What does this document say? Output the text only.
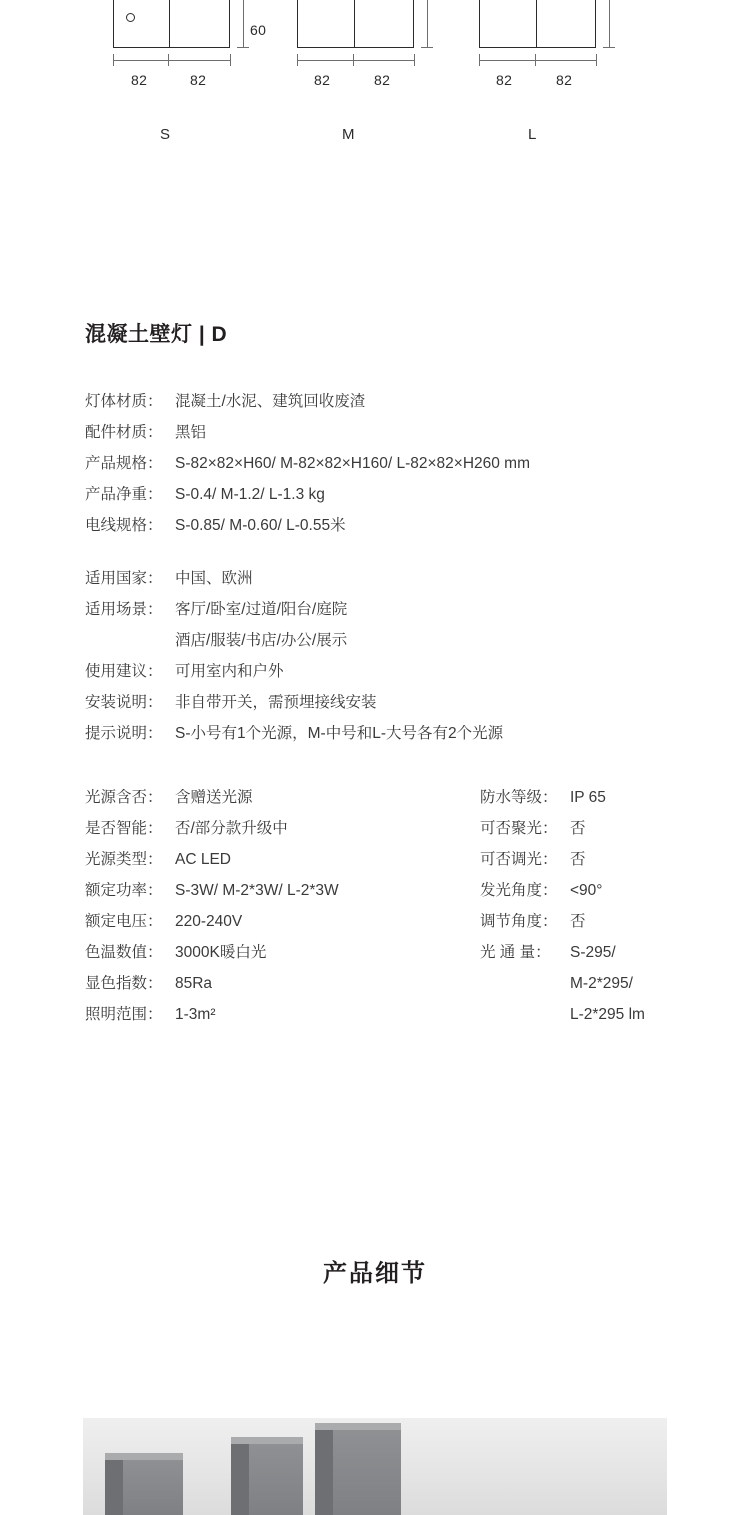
60
82	82	82	82	82	82
S	M	L
混凝土壁灯 | D
灯体材质： 混凝土/水泥、建筑回收废渣
配件材质： 黑铝
产品规格： S-82×82×H60/ M-82×82×H160/ L-82×82×H260 mm
产品净重： S-0.4/ M-1.2/ L-1.3 kg
电线规格： S-0.85/ M-0.60/ L-0.55米
适用国家： 中国、欧洲
适用场景： 客厅/卧室/过道/阳台/庭院
酒店/服装/书店/办公/展示
使用建议： 可用室内和户外
安装说明： 非自带开关，需预埋接线安装
提示说明： S-小号有1个光源，M-中号和L-大号各有2个光源
光源含否： 含赠送光源
是否智能： 否/部分款升级中
光源类型： AC LED
额定功率： S-3W/ M-2*3W/ L-2*3W
额定电压： 220-240V
色温数值： 3000K暖白光
显色指数： 85Ra
照明范围： 1-3m²
防水等级： IP 65
可否聚光： 否
可否调光： 否
发光角度： <90°
调节角度： 否
光 通 量：	S-295/
M-2*295/
L-2*295 lm
产品细节
